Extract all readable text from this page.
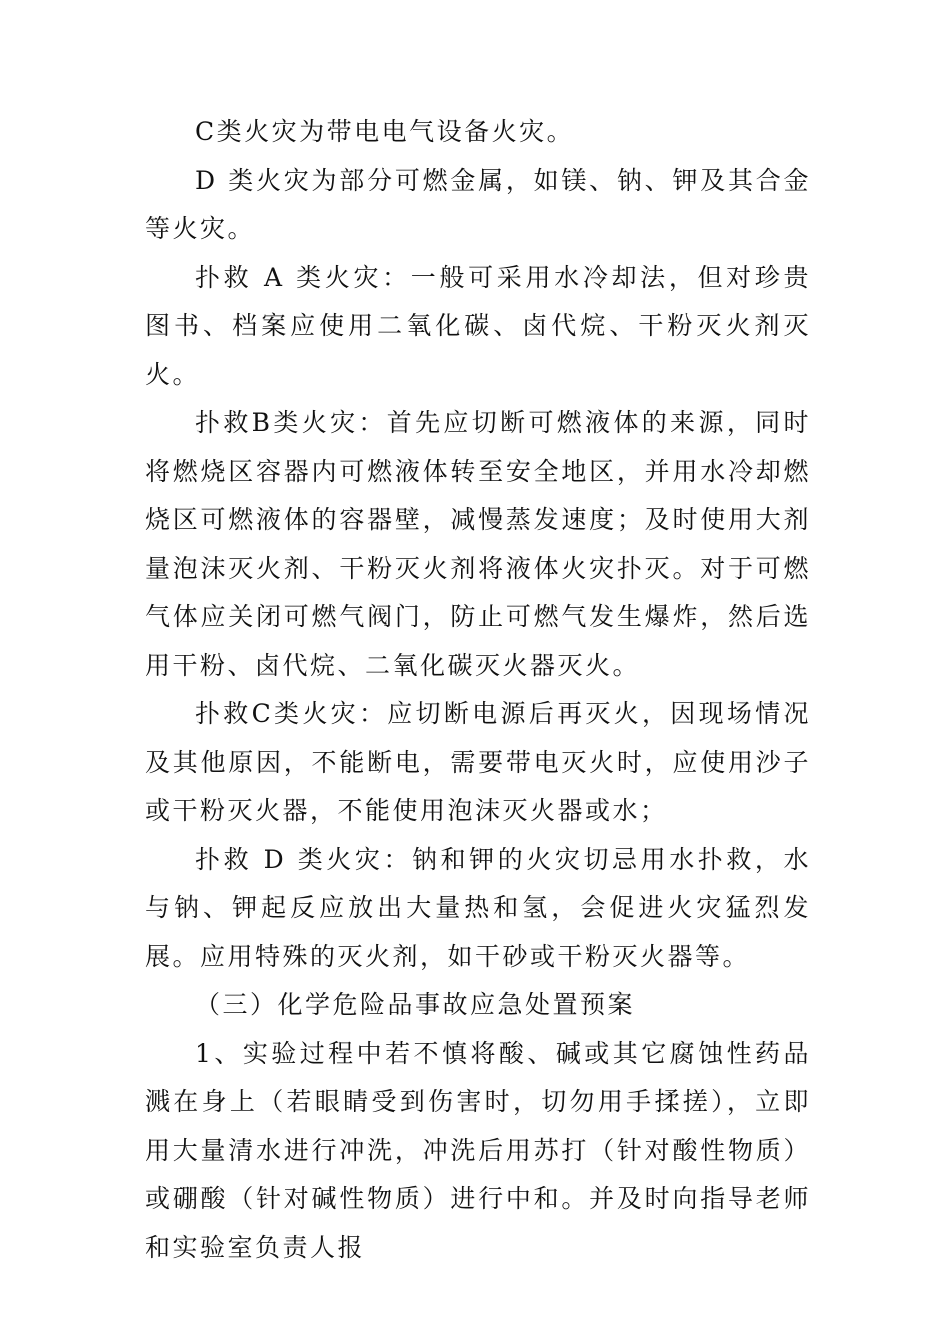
C类火灾为带电电气设备火灾。

D 类火灾为部分可燃金属，如镁、钠、钾及其合金等火灾。

扑救 A 类火灾：一般可采用水冷却法，但对珍贵图书、档案应使用二氧化碳、卤代烷、干粉灭火剂灭火。

扑救B类火灾：首先应切断可燃液体的来源，同时将燃烧区容器内可燃液体转至安全地区，并用水冷却燃烧区可燃液体的容器壁，减慢蒸发速度；及时使用大剂量泡沫灭火剂、干粉灭火剂将液体火灾扑灭。对于可燃气体应关闭可燃气阀门，防止可燃气发生爆炸，然后选用干粉、卤代烷、二氧化碳灭火器灭火。

扑救C类火灾：应切断电源后再灭火，因现场情况及其他原因，不能断电，需要带电灭火时，应使用沙子或干粉灭火器，不能使用泡沫灭火器或水；

扑救 D 类火灾：钠和钾的火灾切忌用水扑救，水与钠、钾起反应放出大量热和氢，会促进火灾猛烈发展。应用特殊的灭火剂，如干砂或干粉灭火器等。

（三）化学危险品事故应急处置预案

1、实验过程中若不慎将酸、碱或其它腐蚀性药品溅在身上（若眼睛受到伤害时，切勿用手揉搓），立即用大量清水进行冲洗，冲洗后用苏打（针对酸性物质）或硼酸（针对碱性物质）进行中和。并及时向指导老师和实验室负责人报
